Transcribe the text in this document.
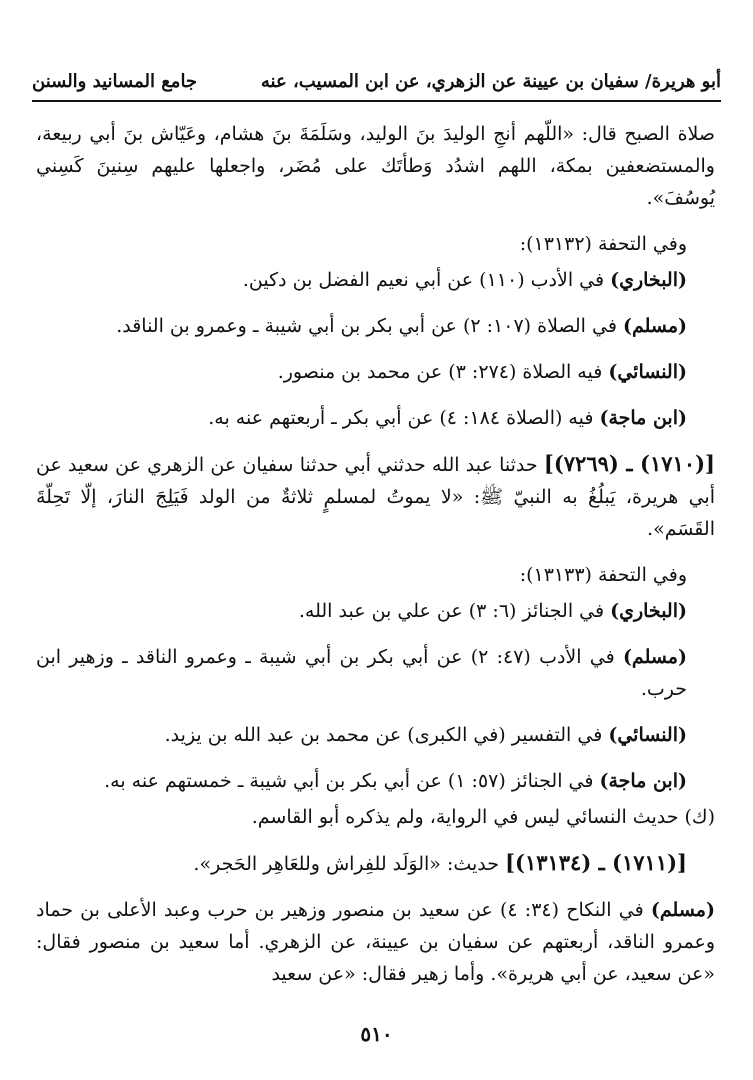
أبو هريرة/ سفيان بن عيينة عن الزهري، عن ابن المسيب، عنه
جامع المسانيد والسنن

صلاة الصبح قال: «اللّهم أنجِ الوليدَ بنَ الوليد، وسَلَمَةَ بنَ هشام، وعَيّاش بنَ أبي ربيعة، والمستضعفين بمكة، اللهم اشدُد وَطأتَك على مُضَر، واجعلها عليهم سِنينَ كَسِني يُوسُفَ».

وفي التحفة (١٣١٣٢):

(البخاري) في الأدب (١١٠) عن أبي نعيم الفضل بن دكين.

(مسلم) في الصلاة (١٠٧: ٢) عن أبي بكر بن أبي شيبة ـ وعمرو بن الناقد.

(النسائي) فيه الصلاة (٢٧٤: ٣) عن محمد بن منصور.

(ابن ماجة) فيه (الصلاة ١٨٤: ٤) عن أبي بكر ـ أربعتهم عنه به.

[(١٧١٠) ـ (٧٢٦٩)] حدثنا عبد الله حدثني أبي حدثنا سفيان عن الزهري عن سعيد عن أبي هريرة، يَبلُغُ به النبيّ ﷺ: «لا يموتُ لمسلمٍ ثلاثةٌ من الولد فَيَلِجَ النارَ، إلّا تَحِلّةَ القَسَم».

وفي التحفة (١٣١٣٣):

(البخاري) في الجنائز (٦: ٣) عن علي بن عبد الله.

(مسلم) في الأدب (٤٧: ٢) عن أبي بكر بن أبي شيبة ـ وعمرو الناقد ـ وزهير ابن حرب.

(النسائي) في التفسير (في الكبرى) عن محمد بن عبد الله بن يزيد.

(ابن ماجة) في الجنائز (٥٧: ١) عن أبي بكر بن أبي شيبة ـ خمستهم عنه به.

(ك) حديث النسائي ليس في الرواية، ولم يذكره أبو القاسم.

[(١٧١١) ـ (١٣١٣٤)] حديث: «الوَلَد للفِراش وللعَاهِر الحَجر».

(مسلم) في النكاح (٣٤: ٤) عن سعيد بن منصور وزهير بن حرب وعبد الأعلى بن حماد وعمرو الناقد، أربعتهم عن سفيان بن عيينة، عن الزهري. أما سعيد بن منصور فقال: «عن سعيد، عن أبي هريرة». وأما زهير فقال: «عن سعيد

٥١٠
